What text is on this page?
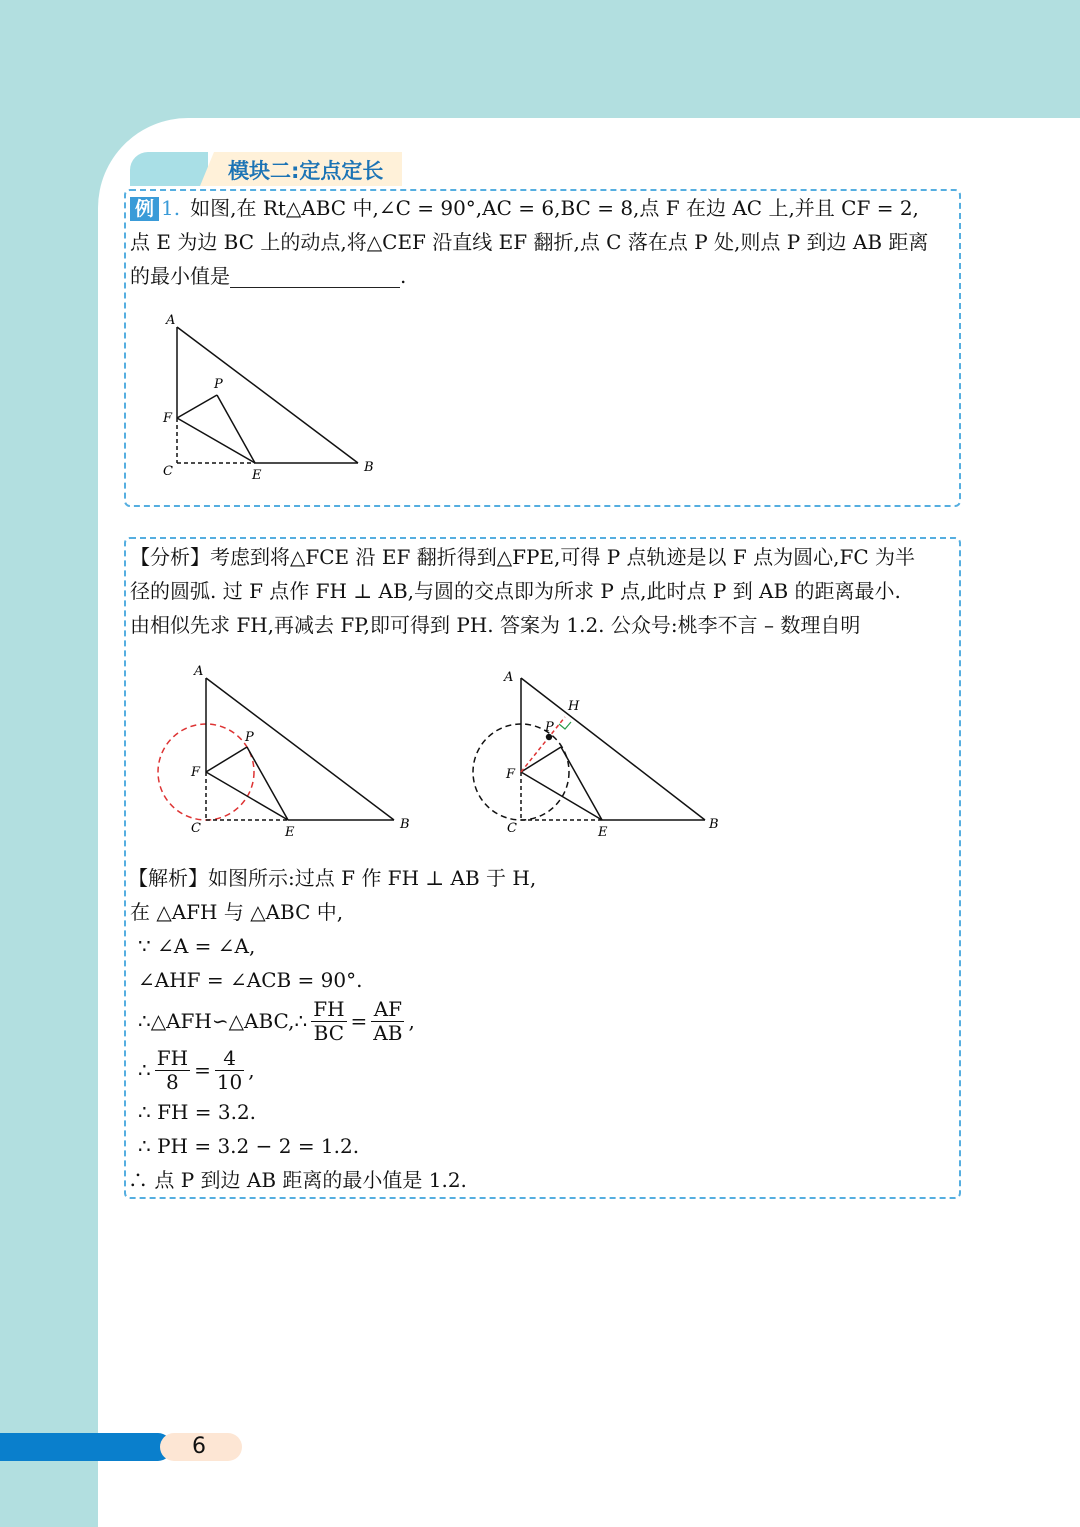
模块二:定点定长
例 1. 如图,在 Rt△ABC 中,∠C = 90°,AC = 6,BC = 8,点 F 在边 AC 上,并且 CF = 2,
点 E 为边 BC 上的动点,将△CEF 沿直线 EF 翻折,点 C 落在点 P 处,则点 P 到边 AB 距离
的最小值是	.
A
P
F
C	E
B
【分析】考虑到将△FCE 沿 EF 翻折得到△FPE,可得 P 点轨迹是以 F 点为圆心,FC 为半
径的圆弧. 过 F 点作 FH ⊥ AB,与圆的交点即为所求 P 点,此时点 P 到 AB 的距离最小.
由相似先求 FH,再减去 FP,即可得到 PH. 答案为 1.2. 公众号:桃李不言 – 数理自明
A
P
F
C	E
B
A
H
P
F
C	E
B
【解析】如图所示:过点 F 作 FH ⊥ AB 于 H,
在 △AFH 与 △ABC 中,
∵ ∠A = ∠A,
∠AHF = ∠ACB = 90°.
∴△AFH∽△ABC,∴ $\frac{FH}{BC} = \frac{AF}{AB}$ ,
∴ $\frac{FH}{8} = \frac{4}{10}$ ,
∴ FH = 3.2.
∴ PH = 3.2 − 2 = 1.2.
∴ 点 P 到边 AB 距离的最小值是 1.2.
6
